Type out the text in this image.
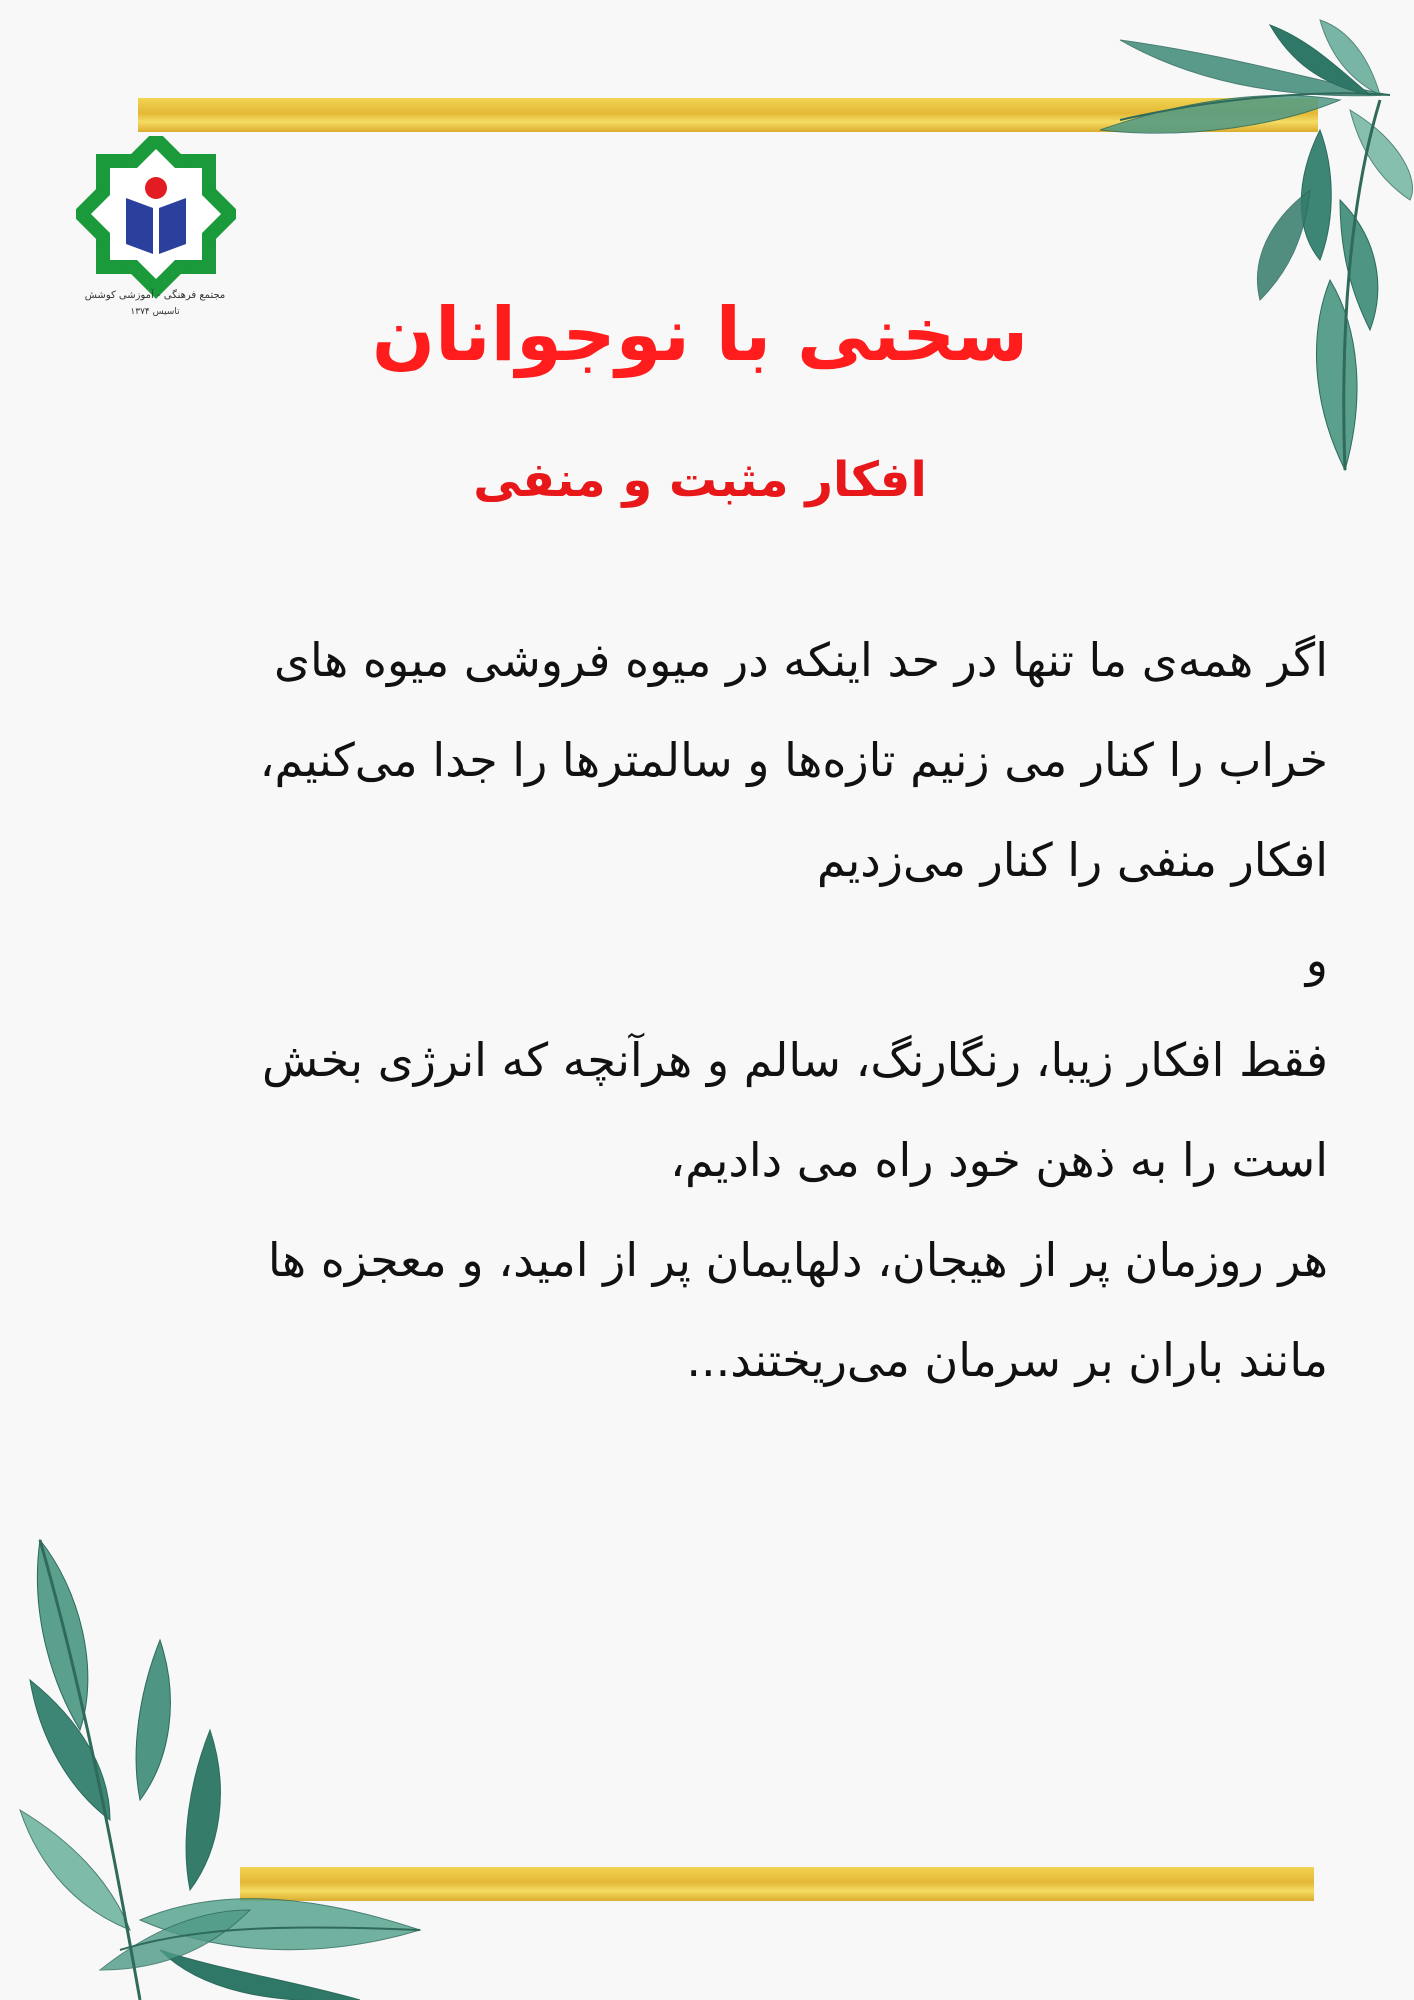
مجتمع فرهنگی - آموزشی کوشش
تاسیس ۱۳۷۴	سخنی با نوجوانان
افکار مثبت و منفی
اگر همه‌ی ما تنها در حد اینکه در میوه فروشی میوه های
خراب را کنار می زنیم تازه‌ها و سالمترها را جدا می‌کنیم،
افکار منفی را کنار می‌زدیم
و
فقط افکار زیبا، رنگارنگ، سالم و هرآنچه که انرژی بخش
است را به ذهن خود راه می دادیم،
هر روزمان پر از هیجان، دلهایمان پر از امید، و معجزه ها
مانند باران بر سرمان می‌ریختند...
